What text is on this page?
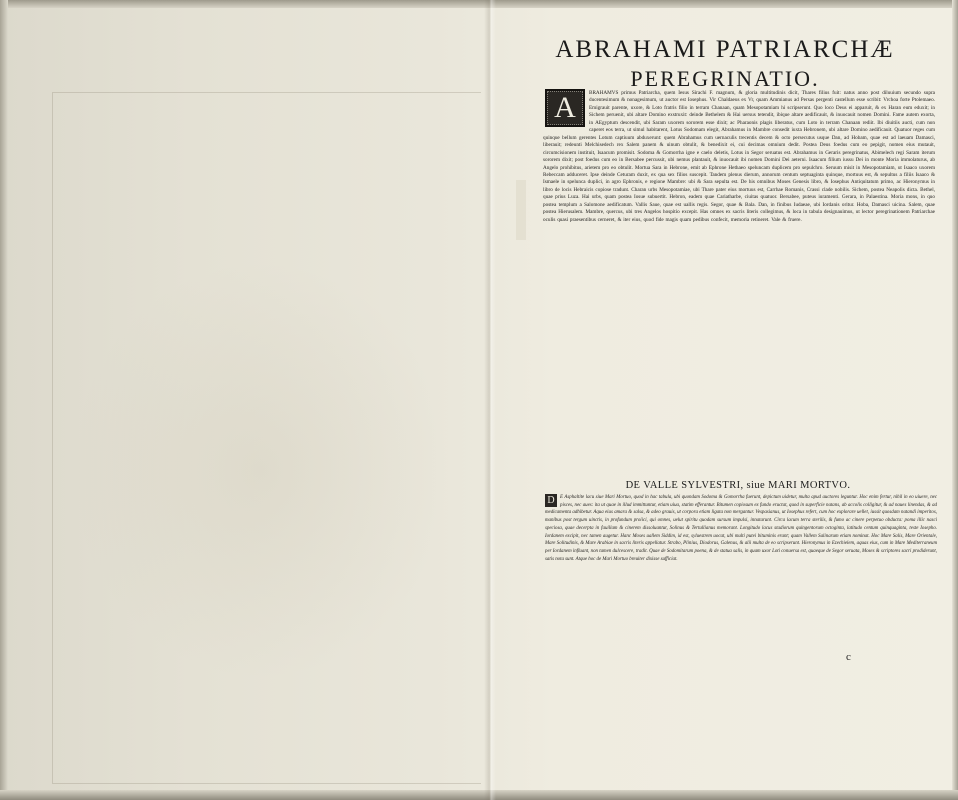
ABRAHAMI PATRIARCHÆ
PEREGRINATIO.
BRAHAMVS primus Patriarcha, quem Iesus Sirachi F. magnum, & gloria multitudinis dicit, Thares filius fuit: natus anno post diluuium secundo supra ducentesimum & nonagesimum, ut auctor est Iosephus. Vir Chaldaeus ex Vr, quam Ammianus ad Persas pergenti castellum esse scribit: Vrchoa forte Ptolemaeo. Emigrauit parente, uxore, & Loto fratris filio in terram Chanaan, quam Mesopotamiam hi scripserunt. Quo loco Deus ei apparuit, & ex Haran eum eduxit; in Sichem peruenit, ubi altare Domino exstruxit: deinde Bethelem & Hai uersus tetendit, ibique altare aedificauit, & inuocauit nomen Domini. Fame autem exorta, in AEgyptum descendit, ubi Saram uxorem sororem esse dixit; ac Pharaonis plagis liberatus, cum Loto in terram Chanaan rediit. Ibi diuitiis aucti, cum non caperet eos terra, ut simul habitarent, Lotus Sodomam elegit, Abrahamus in Mambre consedit iuxta Hebronem, ubi altare Domino aedificauit. Quatuor reges cum quinque bellum gerentes Lotum captiuum abduxerunt: quem Abrahamus cum uernaculis trecentis decem & octo persecutus usque Dan, ad Hobam, quae est ad laeuam Damasci, liberauit; redeunti Melchisedech rex Salem panem & uinum obtulit, & benedixit ei, cui decimas omnium dedit. Postea Deus foedus cum eo pepigit, nomen eius mutauit, circumcisionem instituit, Isaacum promisit. Sodoma & Gomorrha igne e caelo deletis, Lotus in Segor seruatus est. Abrahamus in Geraris peregrinatus, Abimelech regi Saram iterum sororem dixit; post foedus cum eo in Bersabee percussit, ubi nemus plantauit, & inuocauit ibi nomen Domini Dei aeterni. Isaacum filium iussu Dei in monte Moria immolaturus, ab Angelo prohibitus, arietem pro eo obtulit. Mortua Sara in Hebrone, emit ab Ephrone Hethaeo speluncam duplicem pro sepulchro. Seruum misit in Mesopotamiam, ut Isaaco uxorem Rebeccam adduceret. Ipse deinde Ceturam duxit, ex qua sex filios suscepit. Tandem plenus dierum, annorum centum septuaginta quinque, mortuus est, & sepultus a filiis Isaaco & Ismaele in spelunca duplici, in agro Ephronis, e regione Mambre: ubi & Sara sepulta est. De his omnibus Moses Genesis libro, & Iosephus Antiquitatum primo, ac Hieronymus in libro de locis Hebraicis copiose tradunt. Charan urbs Mesopotamiae, ubi Thare pater eius mortuus est, Carrhae Romanis, Crassi clade nobilis. Sichem, postea Neapolis dicta. Bethel, quae prius Luza. Hai urbs, quam postea Iosue subuertit. Hebron, eadem quae Cariatharbe, ciuitas quatuor. Bersabee, puteus iuramenti. Gerara, in Palaestina. Moria mons, in quo postea templum a Salomone aedificatum. Vallis Saue, quae est uallis regis. Segor, quae & Bala. Dan, in finibus Iudaeae, ubi Iordanis oritur. Hoba, Damasci uicina. Salem, quae postea Hierusalem. Mambre, quercus, ubi tres Angelos hospitio excepit. Has omnes ex sacris literis collegimus, & loca in tabula designauimus, ut lector peregrinationem Patriarchae oculis quasi praesentibus cerneret, & iter eius, quod fide magis quam pedibus confecit, memoria retineret. Vale & fruere.
A
DE VALLE SYLVESTRI, siue MARI MORTVO.
E Asphaltite lacu siue Mari Mortuo, quod in hac tabula, ubi quondam Sodoma & Gomorrha fuerunt, depictum uidetur, multa apud auctores leguntur. Hoc enim fertur, nihil in eo uiuere, nec pisces, nec aues: ita ut quae in illud immittuntur, etiam uiua, statim efferantur. Bitumen copiosum ex fundo eructat, quod in superficie natans, ab accolis colligitur, & ad naues linendas, & ad medicamenta adhibetur. Aqua eius amara & salsa, & adeo grauis, ut corpora etiam ligata non mergantur. Vespasianus, ut Iosephus refert, cum hoc explorare uellet, iussit quosdam natandi imperitos, manibus post tergum uinctis, in profundum proiici, qui omnes, uelut spiritu quodam sursum impulsi, innatarunt. Circa lacum terra sterilis, & fumo ac cinere perpetuo obducta: poma illic nasci speciosa, quae decerpta in fauillam & cinerem dissoluantur, Solinus & Tertullianus memorant. Longitudo lacus stadiorum quingentorum octoginta, latitudo centum quinquaginta, teste Iosepho. Iordanem excipit, nec tamen augetur. Hanc Moses uallem Siddim, id est, syluestrem uocat, ubi multi putei bituminis erant; quam Vallem Salinarum etiam nominat. Hoc Mare Salis, Mare Orientale, Mare Solitudinis, & Mare Arabiae in sacris literis appellatur. Strabo, Plinius, Diodorus, Galenus, & alii multa de eo scripserunt. Hieronymus in Ezechielem, aquas eius, cum in Mare Mediterraneum per Iordanem influant, non tamen dulcescere, tradit. Quae de Sodomitarum poena, & de statua salis, in quam uxor Loti conuersa est, quaeque de Segor seruata, Moses & scriptores sacri prodiderunt, satis nota sunt. Atque hoc de Mari Mortuo breuiter dixisse sufficiat.
D
c
